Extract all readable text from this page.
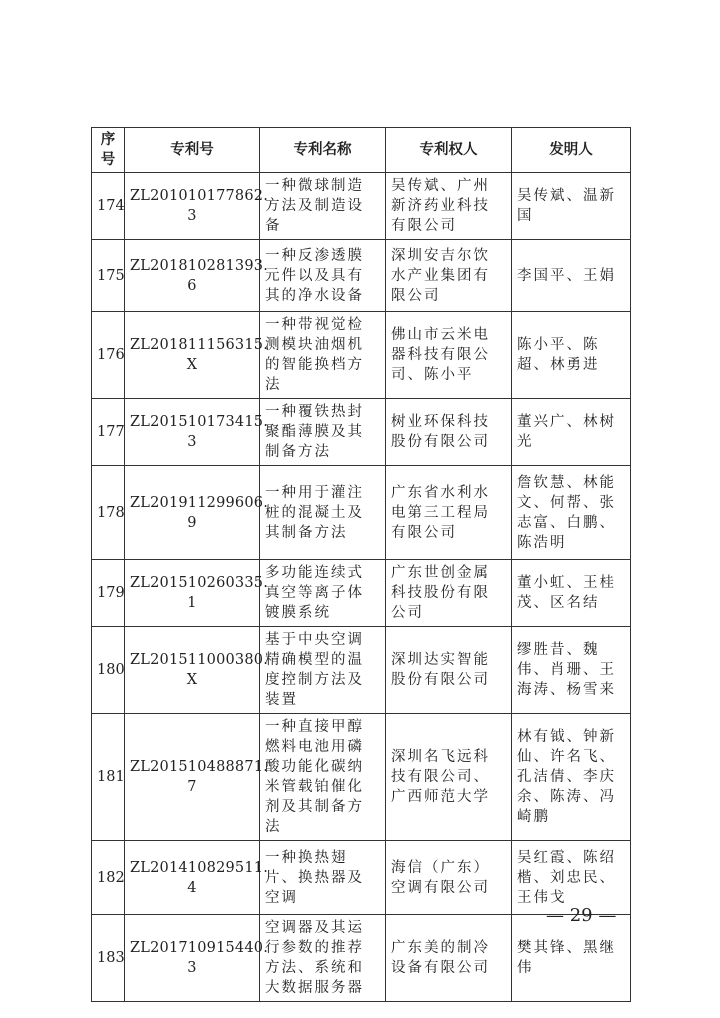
序号	专利号	专利名称	专利权人	发明人
174	ZL201010177862. 3	一种微球制造方法及制造设备	吴传斌、广州新济药业科技有限公司	吴传斌、温新国
175	ZL201810281393. 6	一种反渗透膜元件以及具有其的净水设备	深圳安吉尔饮水产业集团有限公司	李国平、王娟
176	ZL201811156315. X	一种带视觉检测模块油烟机的智能换档方法	佛山市云米电器科技有限公司、陈小平	陈小平、陈超、林勇进
177	ZL201510173415. 3	一种覆铁热封聚酯薄膜及其制备方法	树业环保科技股份有限公司	董兴广、林树光
178	ZL201911299606. 9	一种用于灌注桩的混凝土及其制备方法	广东省水利水电第三工程局有限公司	詹钦慧、林能文、何帮、张志富、白鹏、陈浩明
179	ZL201510260335. 1	多功能连续式真空等离子体镀膜系统	广东世创金属科技股份有限公司	董小虹、王桂茂、区名结
180	ZL201511000380. X	基于中央空调精确模型的温度控制方法及装置	深圳达实智能股份有限公司	缪胜昔、魏伟、肖珊、王海涛、杨雪来
181	ZL201510488871. 7	一种直接甲醇燃料电池用磷酸功能化碳纳米管载铂催化剂及其制备方法	深圳名飞远科技有限公司、广西师范大学	林有钺、钟新仙、许名飞、孔洁倩、李庆余、陈涛、冯崎鹏
182	ZL201410829511. 4	一种换热翅片、换热器及空调	海信（广东）空调有限公司	吴红霞、陈绍楷、刘忠民、王伟戈
183	ZL201710915440. 3	空调器及其运行参数的推荐方法、系统和大数据服务器	广东美的制冷设备有限公司	樊其锋、黑继伟
— 29 —
